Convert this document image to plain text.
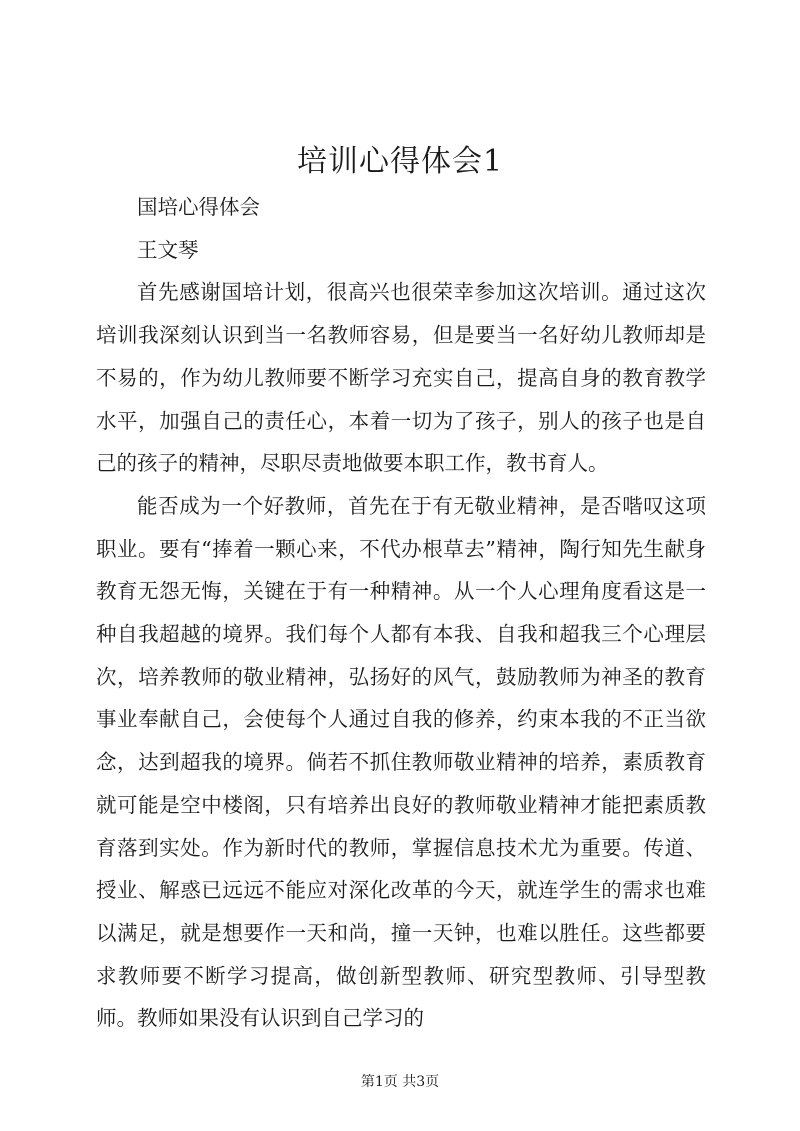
培训心得体会1

国培心得体会

王文琴

首先感谢国培计划，很高兴也很荣幸参加这次培训。通过这次培训我深刻认识到当一名教师容易，但是要当一名好幼儿教师却是不易的，作为幼儿教师要不断学习充实自己，提高自身的教育教学水平，加强自己的责任心，本着一切为了孩子，别人的孩子也是自己的孩子的精神，尽职尽责地做要本职工作，教书育人。

能否成为一个好教师，首先在于有无敬业精神，是否喈叹这项职业。要有“捧着一颗心来，不代办根草去”精神，陶行知先生献身教育无怨无悔，关键在于有一种精神。从一个人心理角度看这是一种自我超越的境界。我们每个人都有本我、自我和超我三个心理层次，培养教师的敬业精神，弘扬好的风气，鼓励教师为神圣的教育事业奉献自己，会使每个人通过自我的修养，约束本我的不正当欲念，达到超我的境界。倘若不抓住教师敬业精神的培养，素质教育就可能是空中楼阁，只有培养出良好的教师敬业精神才能把素质教育落到实处。作为新时代的教师，掌握信息技术尤为重要。传道、授业、解惑已远远不能应对深化改革的今天，就连学生的需求也难以满足，就是想要作一天和尚，撞一天钟，也难以胜任。这些都要求教师要不断学习提高，做创新型教师、研究型教师、引导型教师。教师如果没有认识到自己学习的

第1页 共3页
